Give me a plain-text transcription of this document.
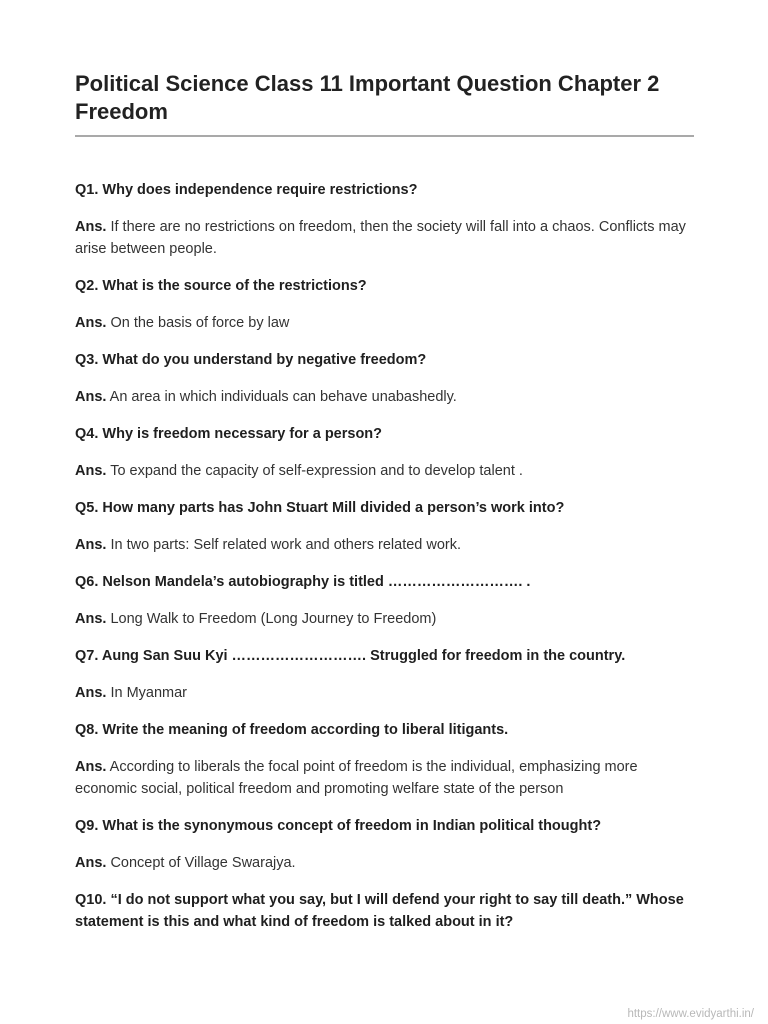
Political Science Class 11 Important Question Chapter 2 Freedom

Q1. Why does independence require restrictions?

Ans. If there are no restrictions on freedom, then the society will fall into a chaos. Conflicts may arise between people.

Q2. What is the source of the restrictions?

Ans. On the basis of force by law

Q3. What do you understand by negative freedom?

Ans. An area in which individuals can behave unabashedly.

Q4. Why is freedom necessary for a person?

Ans. To expand the capacity of self-expression and to develop talent .

Q5. How many parts has John Stuart Mill divided a person’s work into?

Ans. In two parts: Self related work and others related work.

Q6. Nelson Mandela’s autobiography is titled ………………………. .

Ans. Long Walk to Freedom (Long Journey to Freedom)

Q7. Aung San Suu Kyi ………………………. Struggled for freedom in the country.

Ans. In Myanmar

Q8. Write the meaning of freedom according to liberal litigants.

Ans. According to liberals the focal point of freedom is the individual, emphasizing more economic social, political freedom and promoting welfare state of the person

Q9. What is the synonymous concept of freedom in Indian political thought?

Ans. Concept of Village Swarajya.

Q10. “I do not support what you say, but I will defend your right to say till death.” Whose statement is this and what kind of freedom is talked about in it?

https://www.evidyarthi.in/
